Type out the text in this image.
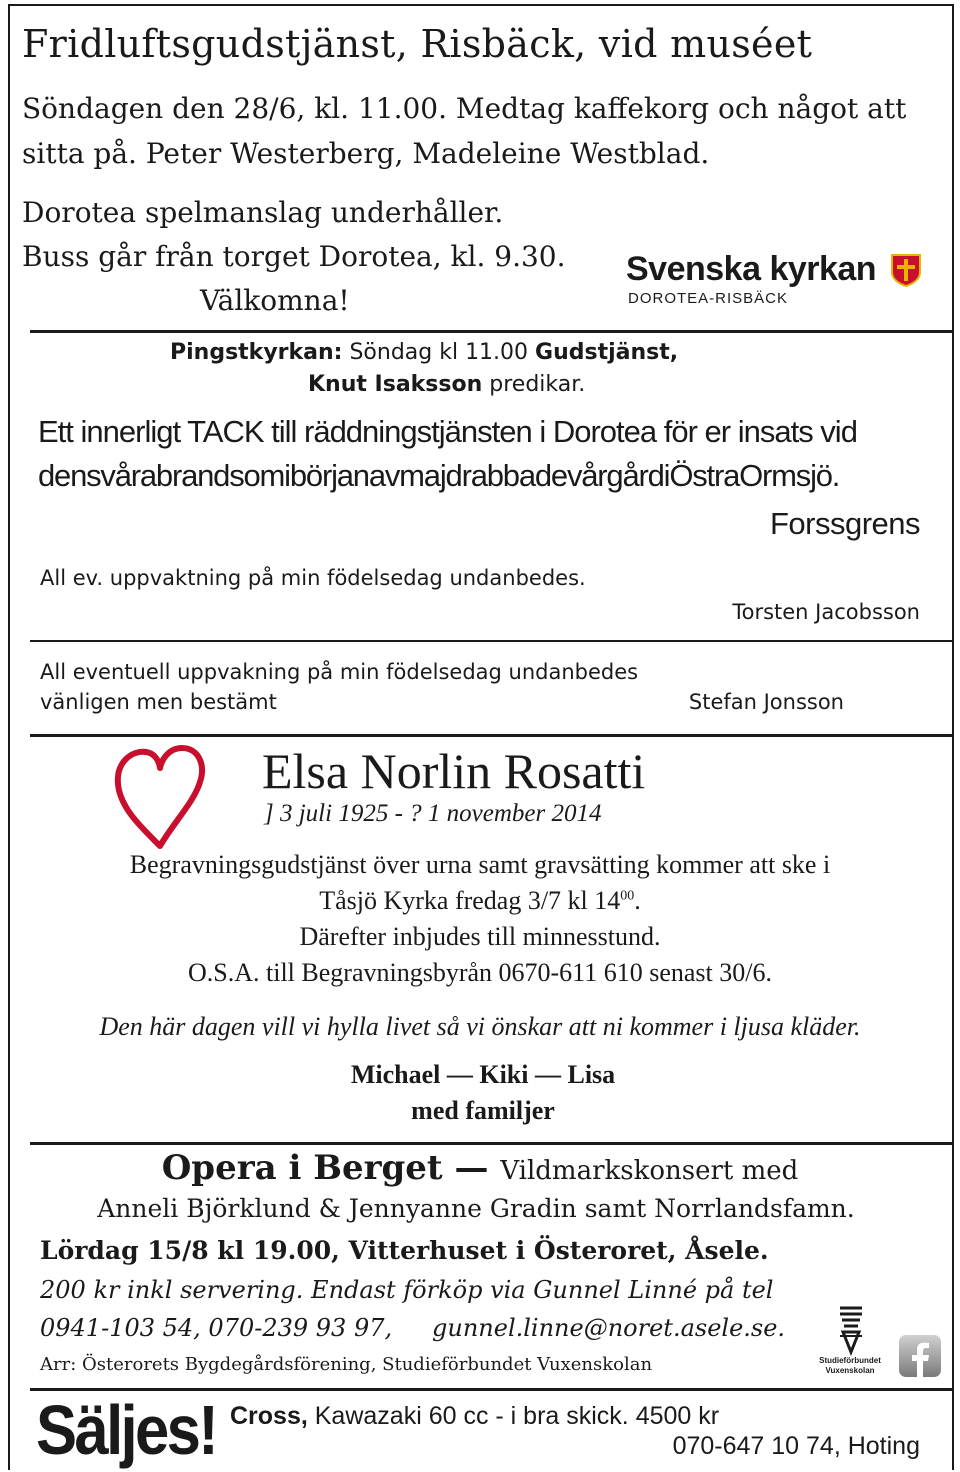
Fridluftsgudstjänst, Risbäck, vid muséet
Söndagen den 28/6, kl. 11.00. Medtag kaffekorg och något att
sitta på. Peter Westerberg, Madeleine Westblad.
Dorotea spelmanslag underhåller.
Buss går från torget Dorotea, kl. 9.30.
Välkomna!
Svenska kyrkan
DOROTEA-RISBÄCK
Pingstkyrkan: Söndag kl 11.00 Gudstjänst,
Knut Isaksson predikar.
Ett innerligt TACK till räddningstjänsten i Dorotea för er insats vid
densvårabrandsomibörjanavmajdrabbadevårgårdiÖstraOrmsjö.
Forssgrens
All ev. uppvaktning på min födelsedag undanbedes.
Torsten Jacobsson
All eventuell uppvakning på min födelsedag undanbedes
vänligen men bestämt	Stefan Jonsson
Elsa Norlin Rosatti
] 3 juli 1925 - ? 1 november 2014
Begravningsgudstjänst över urna samt gravsätting kommer att ske i
Tåsjö Kyrka fredag 3/7 kl $14^{00}$.
Därefter inbjudes till minnesstund.
O.S.A. till Begravningsbyrån 0670-611 610 senast 30/6.
Den här dagen vill vi hylla livet så vi önskar att ni kommer i ljusa kläder.
Michael — Kiki — Lisa
med familjer
Opera i Berget — Vildmarkskonsert med
Anneli Björklund & Jennyanne Gradin samt Norrlandsfamn.
Lördag 15/8 kl 19.00, Vitterhuset i Österoret, Åsele.
200 kr inkl servering. Endast förköp via Gunnel Linné på tel
0941-103 54, 070-239 93 97, gunnel.linne@noret.asele.se.
Arr: Österorets Bygdegårdsförening, Studieförbundet Vuxenskolan	Studieförbundet
Vuxenskolan
Säljes! Cross, Kawazaki 60 cc - i bra skick. 4500 kr
070-647 10 74, Hoting
